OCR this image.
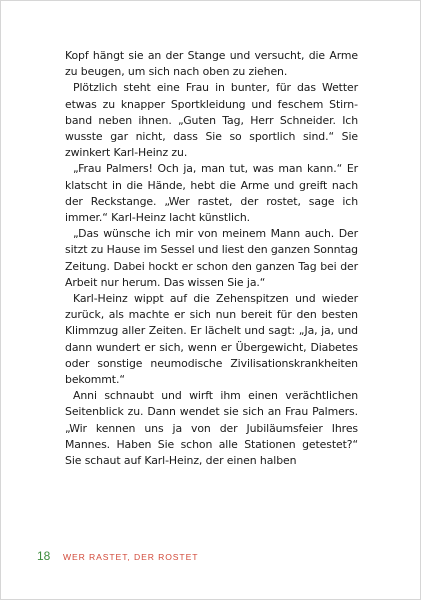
Kopf hängt sie an der Stange und versucht, die Arme zu beugen, um sich nach oben zu ziehen.

Plötzlich steht eine Frau in bunter, für das Wetter etwas zu knapper Sportkleidung und feschem Stirnband neben ihnen. „Guten Tag, Herr Schneider. Ich wusste gar nicht, dass Sie so sportlich sind.“ Sie zwinkert Karl-Heinz zu.

„Frau Palmers! Och ja, man tut, was man kann.“ Er klatscht in die Hände, hebt die Arme und greift nach der Reckstange. „Wer rastet, der rostet, sage ich immer.“ Karl-Heinz lacht künstlich.

„Das wünsche ich mir von meinem Mann auch. Der sitzt zu Hause im Sessel und liest den ganzen Sonntag Zeitung. Dabei hockt er schon den ganzen Tag bei der Arbeit nur herum. Das wissen Sie ja.“

Karl-Heinz wippt auf die Zehenspitzen und wieder zurück, als machte er sich nun bereit für den besten Klimmzug aller Zeiten. Er lächelt und sagt: „Ja, ja, und dann wundert er sich, wenn er Übergewicht, Diabetes oder sonstige neumodische Zivilisationskrankheiten bekommt.“

Anni schnaubt und wirft ihm einen verächtlichen Seitenblick zu. Dann wendet sie sich an Frau Palmers. „Wir kennen uns ja von der Jubiläumsfeier Ihres Mannes. Haben Sie schon alle Stationen getestet?“ Sie schaut auf Karl-Heinz, der einen halben

18	WER RASTET, DER ROSTET
